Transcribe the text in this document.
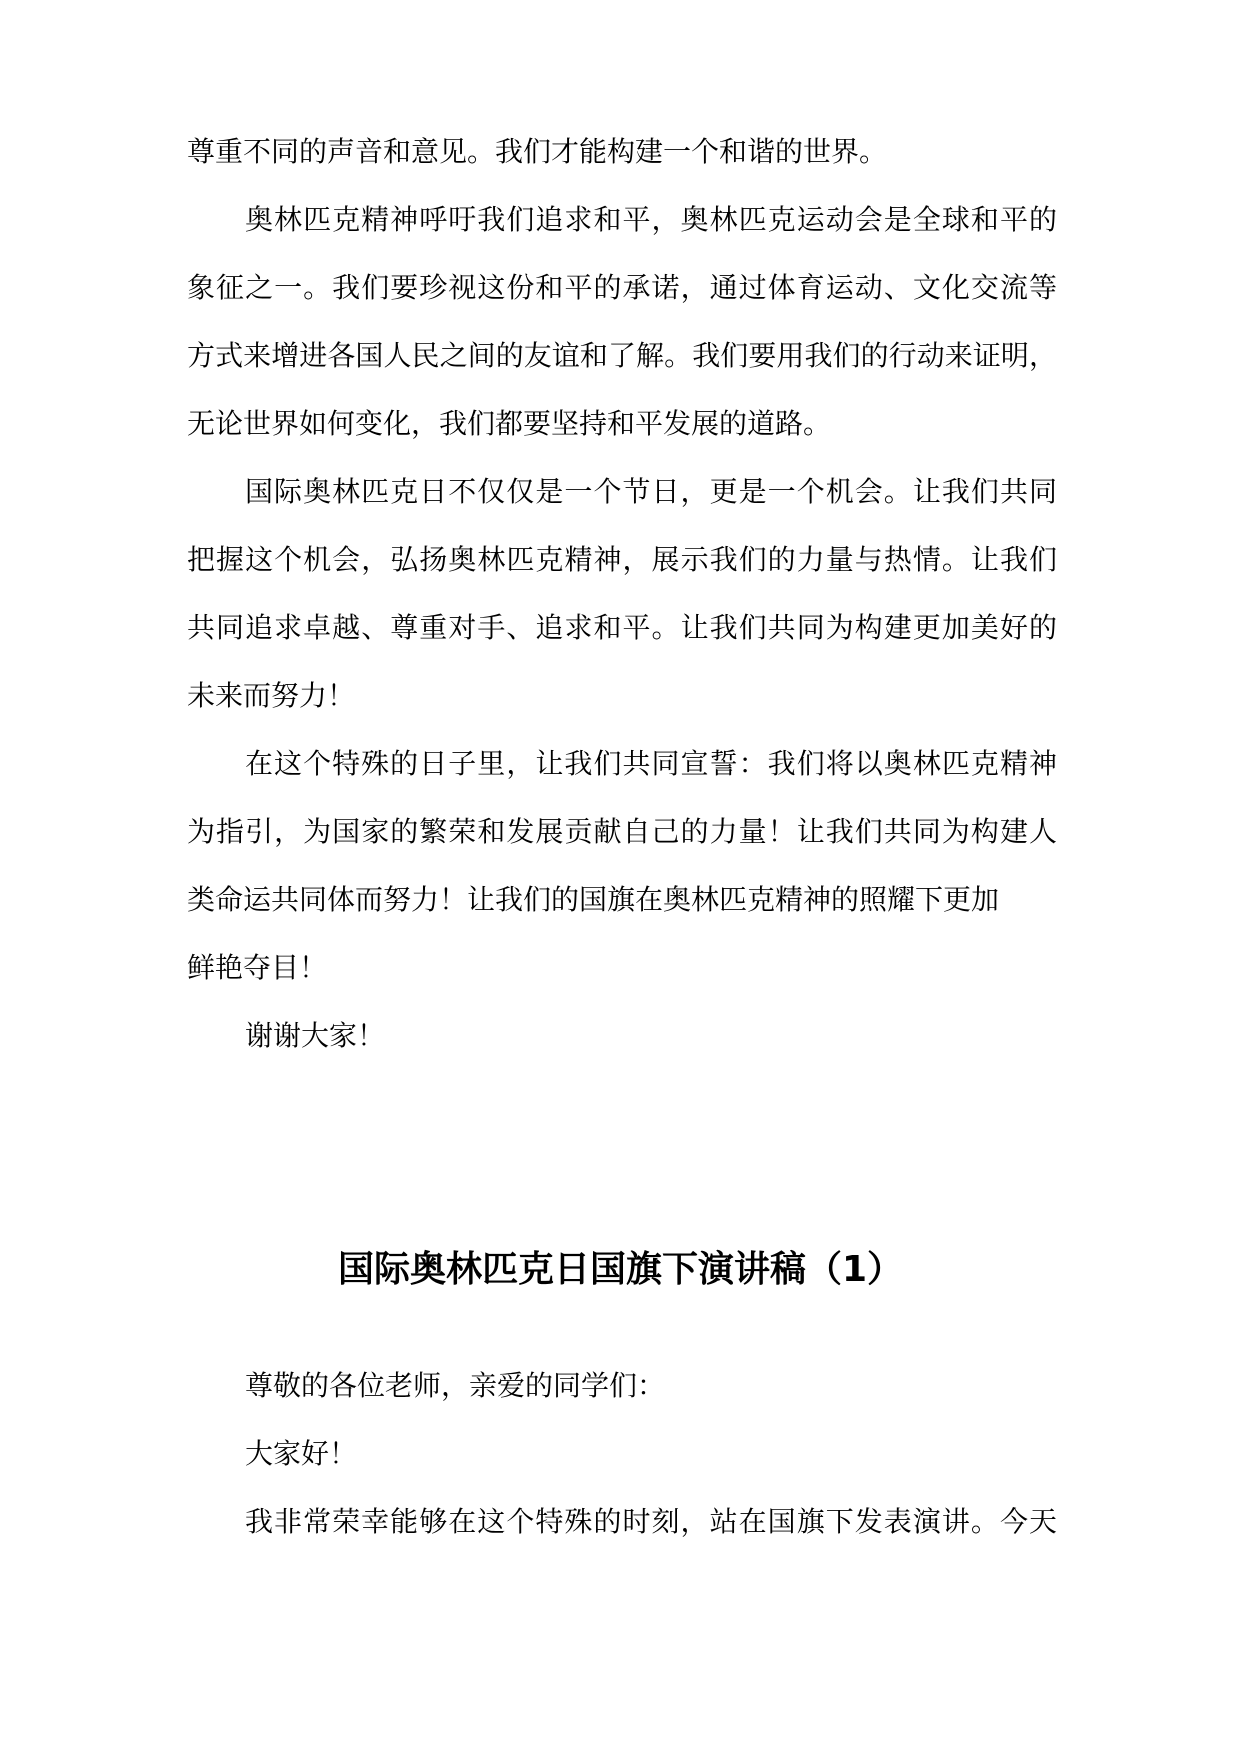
尊重不同的声音和意见。我们才能构建一个和谐的世界。

奥林匹克精神呼吁我们追求和平，奥林匹克运动会是全球和平的

象征之一。我们要珍视这份和平的承诺，通过体育运动、文化交流等

方式来增进各国人民之间的友谊和了解。我们要用我们的行动来证明，

无论世界如何变化，我们都要坚持和平发展的道路。

国际奥林匹克日不仅仅是一个节日，更是一个机会。让我们共同

把握这个机会，弘扬奥林匹克精神，展示我们的力量与热情。让我们

共同追求卓越、尊重对手、追求和平。让我们共同为构建更加美好的

未来而努力！

在这个特殊的日子里，让我们共同宣誓：我们将以奥林匹克精神

为指引，为国家的繁荣和发展贡献自己的力量！让我们共同为构建人

类命运共同体而努力！让我们的国旗在奥林匹克精神的照耀下更加

鲜艳夺目！

谢谢大家！

国际奥林匹克日国旗下演讲稿（1）

尊敬的各位老师，亲爱的同学们：

大家好！

我非常荣幸能够在这个特殊的时刻，站在国旗下发表演讲。今天
